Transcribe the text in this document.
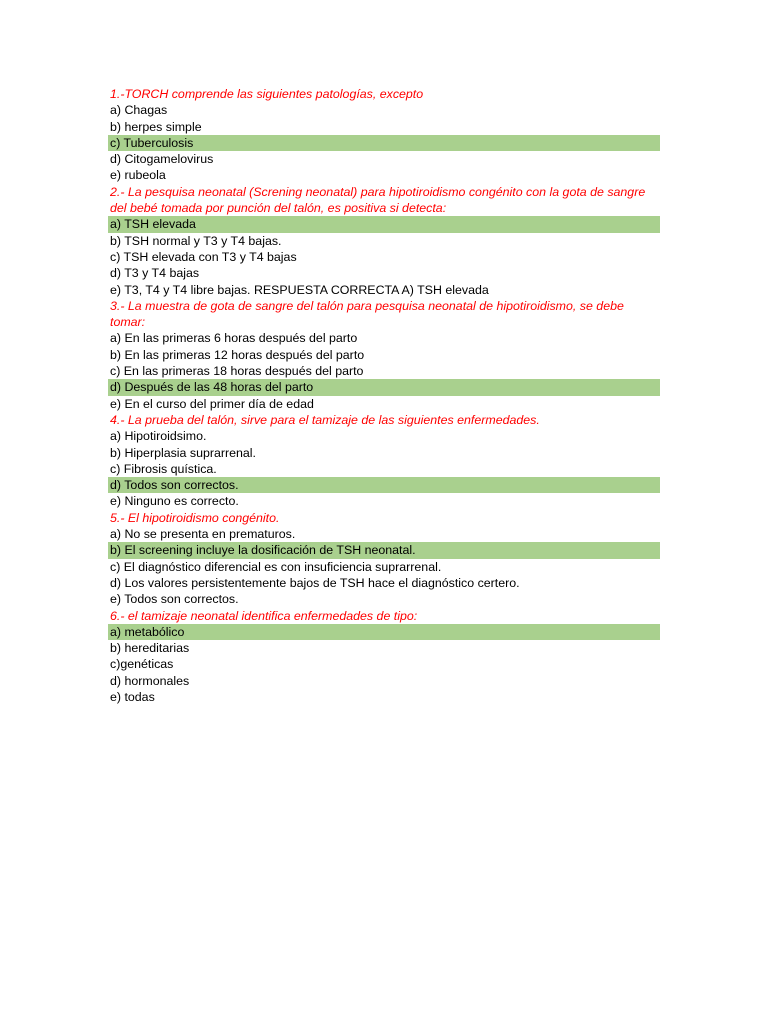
1.-TORCH comprende las siguientes patologías, excepto
a) Chagas
b) herpes simple
c) Tuberculosis
d) Citogamelovirus
e) rubeola
2.- La pesquisa neonatal (Screning neonatal) para hipotiroidismo congénito con la gota de sangre del bebé tomada por punción del talón, es positiva si detecta:
a) TSH elevada
b) TSH normal y T3 y T4 bajas.
c) TSH elevada con T3 y T4 bajas
d) T3 y T4 bajas
e) T3, T4 y T4 libre bajas. RESPUESTA CORRECTA A) TSH elevada
3.- La muestra de gota de sangre del talón para pesquisa neonatal de hipotiroidismo, se debe tomar:
a) En las primeras 6 horas después del parto
b) En las primeras 12 horas después del parto
c) En las primeras 18 horas después del parto
d) Después de las 48 horas del parto
e) En el curso del primer día de edad
4.- La prueba del talón, sirve para el tamizaje de las siguientes enfermedades.
a) Hipotiroidsimo.
b) Hiperplasia suprarrenal.
c) Fibrosis quística.
d) Todos son correctos.
e) Ninguno es correcto.
5.- El hipotiroidismo congénito.
a) No se presenta en prematuros.
b) El screening incluye la dosificación de TSH neonatal.
c) El diagnóstico diferencial es con insuficiencia suprarrenal.
d) Los valores persistentemente bajos de TSH hace el diagnóstico certero.
e) Todos son correctos.
6.- el tamizaje neonatal identifica enfermedades de tipo:
a) metabólico
b) hereditarias
c)genéticas
d) hormonales
e) todas
